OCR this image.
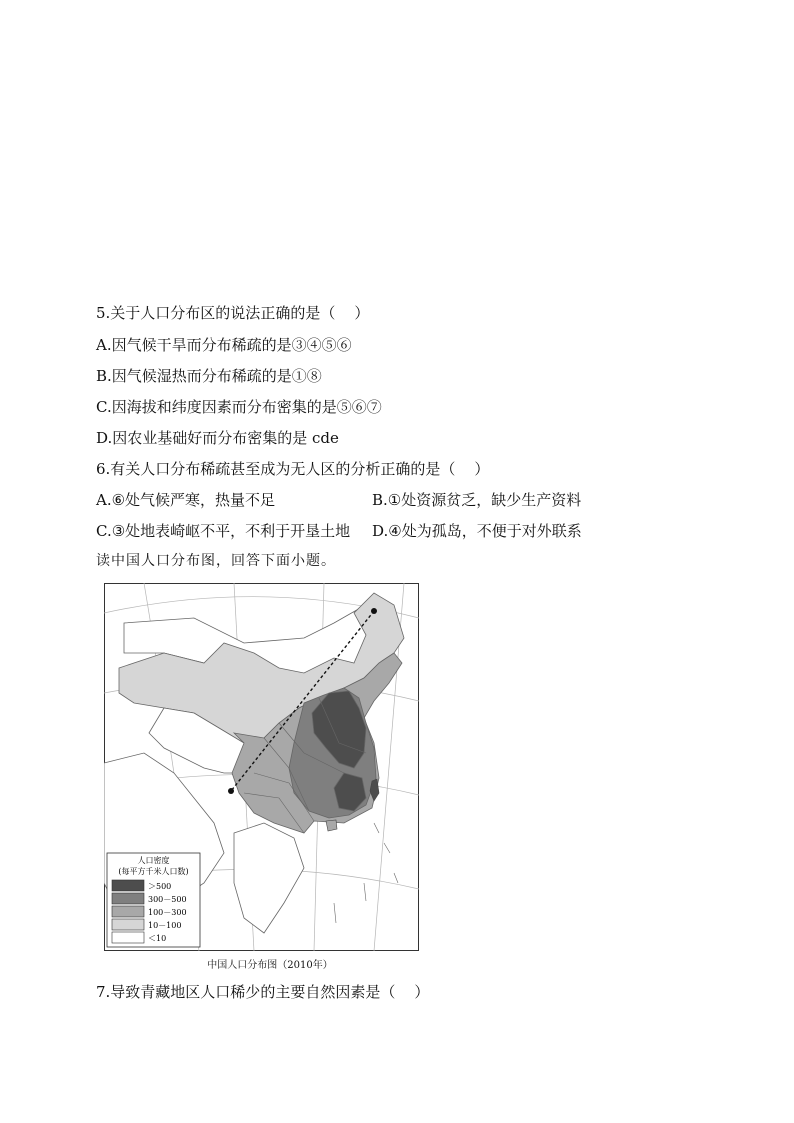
5.关于人口分布区的说法正确的是（    ）
A.因气候干旱而分布稀疏的是③④⑤⑥
B.因气候湿热而分布稀疏的是①⑧
C.因海拔和纬度因素而分布密集的是⑤⑥⑦
D.因农业基础好而分布密集的是 cde
6.有关人口分布稀疏甚至成为无人区的分析正确的是（    ）
A.⑥处气候严寒，热量不足	B.①处资源贫乏，缺少生产资料
C.③处地表崎岖不平，不利于开垦土地 D.④处为孤岛，不便于对外联系
读中国人口分布图，回答下面小题。
人口密度
(每平方千米人口数)
＞500
300－500
100－300
10－100
＜10
中国人口分布图（2010年）
7.导致青藏地区人口稀少的主要自然因素是（    ）
